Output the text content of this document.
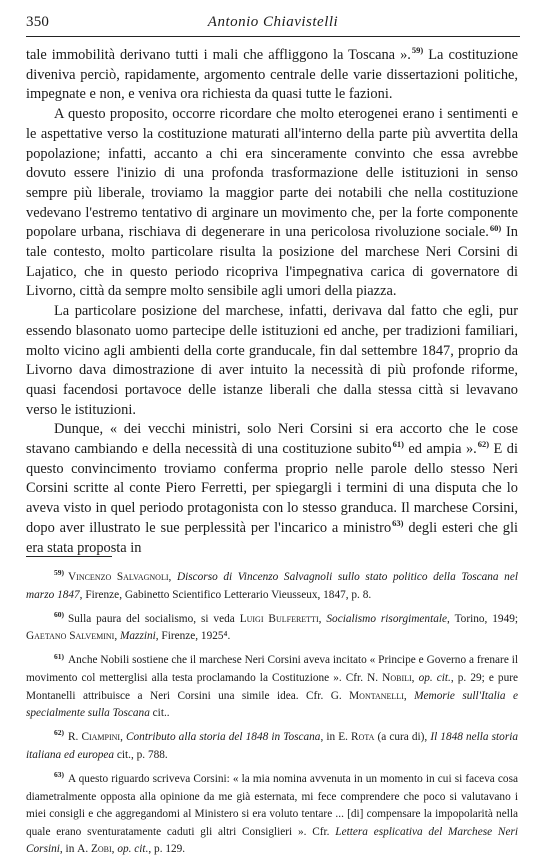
350	Antonio Chiavistelli

tale immobilità derivano tutti i mali che affliggono la Toscana ».$^{59)}$ La costituzione diveniva perciò, rapidamente, argomento centrale delle varie dissertazioni politiche, impegnate e non, e veniva ora richiesta da quasi tutte le fazioni.

A questo proposito, occorre ricordare che molto eterogenei erano i sentimenti e le aspettative verso la costituzione maturati all'interno della parte più avvertita della popolazione; infatti, accanto a chi era sinceramente convinto che essa avrebbe dovuto essere l'inizio di una profonda trasformazione delle istituzioni in senso sempre più liberale, troviamo la maggior parte dei notabili che nella costituzione vedevano l'estremo tentativo di arginare un movimento che, per la forte componente popolare urbana, rischiava di degenerare in una pericolosa rivoluzione sociale.$^{60)}$ In tale contesto, molto particolare risulta la posizione del marchese Neri Corsini di Lajatico, che in questo periodo ricopriva l'impegnativa carica di governatore di Livorno, città da sempre molto sensibile agli umori della piazza.

La particolare posizione del marchese, infatti, derivava dal fatto che egli, pur essendo blasonato uomo partecipe delle istituzioni ed anche, per tradizioni familiari, molto vicino agli ambienti della corte granducale, fin dal settembre 1847, proprio da Livorno dava dimostrazione di aver intuito la necessità di più profonde riforme, quasi facendosi portavoce delle istanze liberali che dalla stessa città si levavano verso le istituzioni.

Dunque, « dei vecchi ministri, solo Neri Corsini si era accorto che le cose stavano cambiando e della necessità di una costituzione subito$^{61)}$ ed ampia ».$^{62)}$ E di questo convincimento troviamo conferma proprio nelle parole dello stesso Neri Corsini scritte al conte Piero Ferretti, per spiegargli i termini di una disputa che lo aveva visto in quel periodo protagonista con lo stesso granduca. Il marchese Corsini, dopo aver illustrato le sue perplessità per l'incarico a ministro$^{63)}$ degli esteri che gli era stata proposta in

$^{59)}$ Vincenzo Salvagnoli, Discorso di Vincenzo Salvagnoli sullo stato politico della Toscana nel marzo 1847, Firenze, Gabinetto Scientifico Letterario Vieusseux, 1847, p. 8.

$^{60)}$ Sulla paura del socialismo, si veda Luigi Bulferetti, Socialismo risorgimentale, Torino, 1949; Gaetano Salvemini, Mazzini, Firenze, 1925⁴.

$^{61)}$ Anche Nobili sostiene che il marchese Neri Corsini aveva incitato « Principe e Governo a frenare il movimento col metterglisi alla testa proclamando la Costituzione ». Cfr. N. Nobili, op. cit., p. 29; e pure Montanelli attribuisce a Neri Corsini una simile idea. Cfr. G. Montanelli, Memorie sull'Italia e specialmente sulla Toscana cit..

$^{62)}$ R. Ciampini, Contributo alla storia del 1848 in Toscana, in E. Rota (a cura di), Il 1848 nella storia italiana ed europea cit., p. 788.

$^{63)}$ A questo riguardo scriveva Corsini: « la mia nomina avvenuta in un momento in cui si faceva cosa diametralmente opposta alla opinione da me già esternata, mi fece comprendere che poco si valutavano i miei consigli e che aggregandomi al Ministero si era voluto tentare ... [di] compensare la impopolarità nella quale erano sventuratamente caduti gli altri Consiglieri ». Cfr. Lettera esplicativa del Marchese Neri Corsini, in A. Zobi, op. cit., p. 129.
